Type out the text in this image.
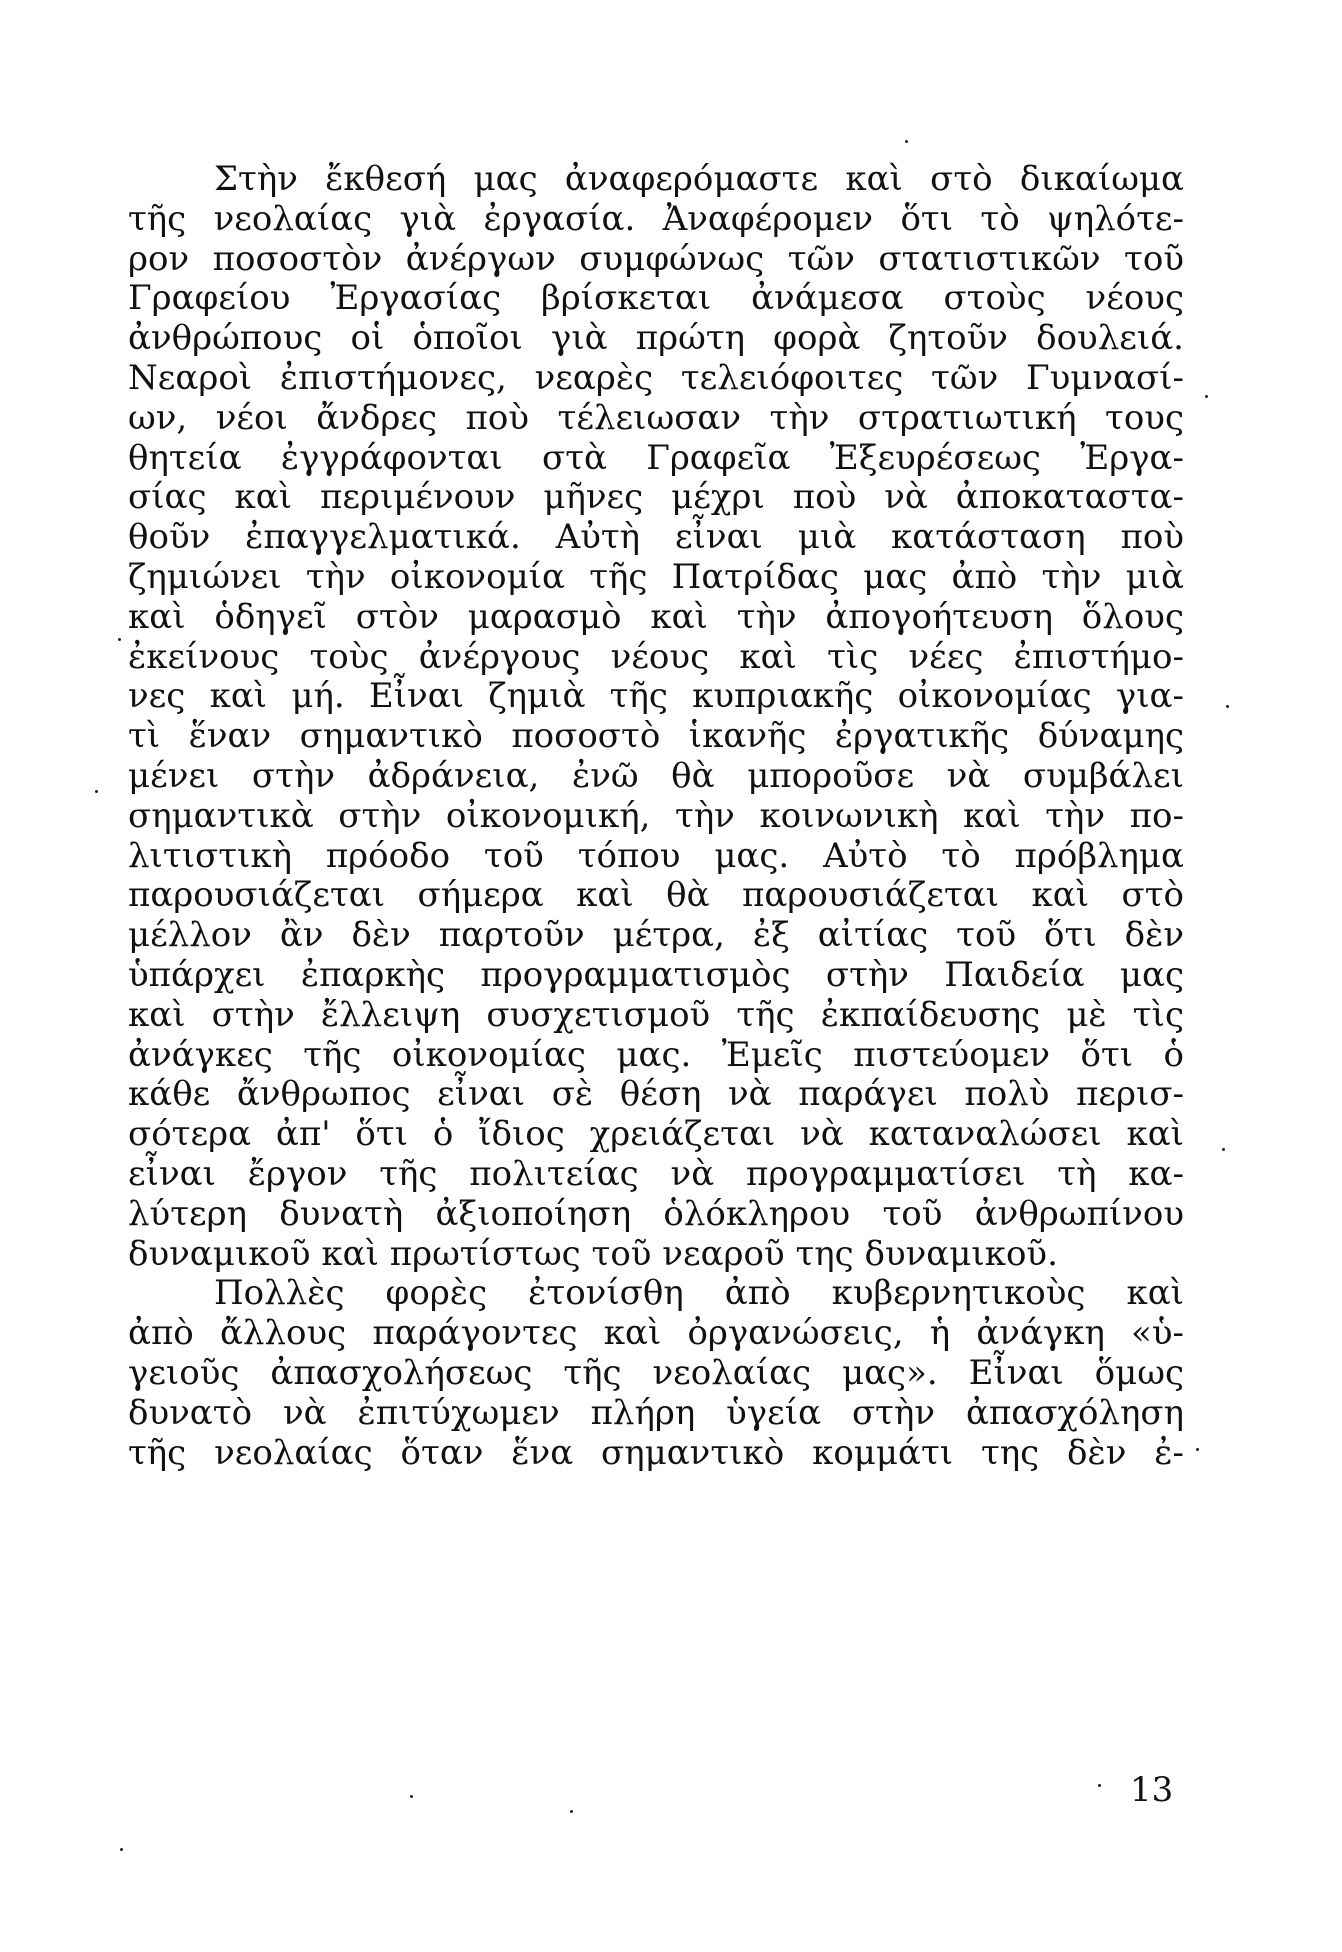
Στὴν ἔκθεσή μας ἀναφερόμαστε καὶ στὸ δικαίωμα
τῆς νεολαίας γιὰ ἐργασία. Ἀναφέρομεν ὅτι τὸ ψηλότε-
ρον ποσοστὸν ἀνέργων συμφώνως τῶν στατιστικῶν τοῦ
Γραφείου Ἐργασίας βρίσκεται ἀνάμεσα στοὺς νέους
ἀνθρώπους οἱ ὁποῖοι γιὰ πρώτη φορὰ ζητοῦν δουλειά.
Νεαροὶ ἐπιστήμονες, νεαρὲς τελειόφοιτες τῶν Γυμνασί-
ων, νέοι ἄνδρες ποὺ τέλειωσαν τὴν στρατιωτική τους
θητεία ἐγγράφονται στὰ Γραφεῖα Ἐξευρέσεως Ἐργα-
σίας καὶ περιμένουν μῆνες μέχρι ποὺ νὰ ἀποκαταστα-
θοῦν ἐπαγγελματικά. Αὐτὴ εἶναι μιὰ κατάσταση ποὺ
ζημιώνει τὴν οἰκονομία τῆς Πατρίδας μας ἀπὸ τὴν μιὰ
καὶ ὁδηγεῖ στὸν μαρασμὸ καὶ τὴν ἀπογοήτευση ὅλους
ἐκείνους τοὺς ἀνέργους νέους καὶ τὶς νέες ἐπιστήμο-
νες καὶ μή. Εἶναι ζημιὰ τῆς κυπριακῆς οἰκονομίας για-
τὶ ἕναν σημαντικὸ ποσοστὸ ἱκανῆς ἐργατικῆς δύναμης
μένει στὴν ἀδράνεια, ἐνῶ θὰ μποροῦσε νὰ συμβάλει
σημαντικὰ στὴν οἰκονομική, τὴν κοινωνικὴ καὶ τὴν πο-
λιτιστικὴ πρόοδο τοῦ τόπου μας. Αὐτὸ τὸ πρόβλημα
παρουσιάζεται σήμερα καὶ θὰ παρουσιάζεται καὶ στὸ
μέλλον ἂν δὲν παρτοῦν μέτρα, ἐξ αἰτίας τοῦ ὅτι δὲν
ὑπάρχει ἐπαρκὴς προγραμματισμὸς στὴν Παιδεία μας
καὶ στὴν ἔλλειψη συσχετισμοῦ τῆς ἐκπαίδευσης μὲ τὶς
ἀνάγκες τῆς οἰκονομίας μας. Ἐμεῖς πιστεύομεν ὅτι ὁ
κάθε ἄνθρωπος εἶναι σὲ θέση νὰ παράγει πολὺ περισ-
σότερα ἀπ' ὅτι ὁ ἴδιος χρειάζεται νὰ καταναλώσει καὶ
εἶναι ἔργον τῆς πολιτείας νὰ προγραμματίσει τὴ κα-
λύτερη δυνατὴ ἀξιοποίηση ὁλόκληρου τοῦ ἀνθρωπίνου
δυναμικοῦ καὶ πρωτίστως τοῦ νεαροῦ της δυναμικοῦ.
Πολλὲς φορὲς ἐτονίσθη ἀπὸ κυβερνητικοὺς καὶ
ἀπὸ ἄλλους παράγοντες καὶ ὀργανώσεις, ἡ ἀνάγκη «ὑ-
γειοῦς ἀπασχολήσεως τῆς νεολαίας μας». Εἶναι ὅμως
δυνατὸ νὰ ἐπιτύχωμεν πλήρη ὑγεία στὴν ἀπασχόληση
τῆς νεολαίας ὅταν ἕνα σημαντικὸ κομμάτι της δὲν ἐ-
13
